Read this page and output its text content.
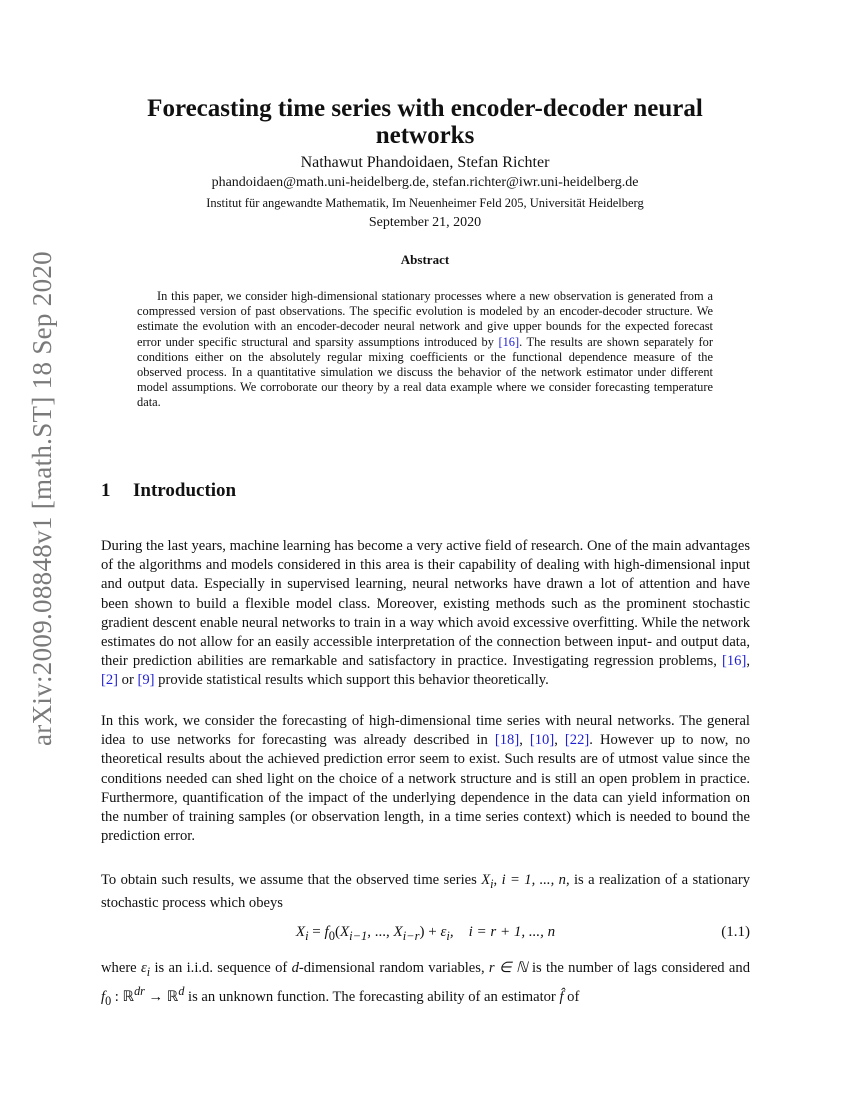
arXiv:2009.08848v1 [math.ST] 18 Sep 2020
Forecasting time series with encoder-decoder neural
networks
Nathawut Phandoidaen, Stefan Richter
phandoidaen@math.uni-heidelberg.de, stefan.richter@iwr.uni-heidelberg.de
Institut für angewandte Mathematik, Im Neuenheimer Feld 205, Universität Heidelberg
September 21, 2020
Abstract

In this paper, we consider high-dimensional stationary processes where a new observation is generated from a compressed version of past observations. The specific evolution is modeled by an encoder-decoder structure. We estimate the evolution with an encoder-decoder neural network and give upper bounds for the expected forecast error under specific structural and sparsity assumptions introduced by [16]. The results are shown separately for conditions either on the absolutely regular mixing coefficients or the functional dependence measure of the observed process. In a quantitative simulation we discuss the behavior of the network estimator under different model assumptions. We corroborate our theory by a real data example where we consider forecasting temperature data.

1 Introduction

During the last years, machine learning has become a very active field of research. One of the main advantages of the algorithms and models considered in this area is their capability of dealing with high-dimensional input and output data. Especially in supervised learning, neural networks have drawn a lot of attention and have been shown to build a flexible model class. Moreover, existing methods such as the prominent stochastic gradient descent enable neural networks to train in a way which avoid excessive overfitting. While the network estimates do not allow for an easily accessible interpretation of the connection between input- and output data, their prediction abilities are remarkable and satisfactory in practice. Investigating regression problems, [16], [2] or [9] provide statistical results which support this behavior theoretically.

In this work, we consider the forecasting of high-dimensional time series with neural networks. The general idea to use networks for forecasting was already described in [18], [10], [22]. However up to now, no theoretical results about the achieved prediction error seem to exist. Such results are of utmost value since the conditions needed can shed light on the choice of a network structure and is still an open problem in practice. Furthermore, quantification of the impact of the underlying dependence in the data can yield information on the number of training samples (or observation length, in a time series context) which is needed to bound the prediction error.

To obtain such results, we assume that the observed time series $X_i$, i = 1, ..., n, is a realization of a stationary stochastic process which obeys

$X_i = f_0(X_{i-1}$, ..., $X_{i-r}) + \varepsilon_i$,    i = r + 1, ..., n	(1.1)

where $\varepsilon_i$ is an i.i.d. sequence of d-dimensional random variables, r ∈ ℕ is the number of lags considered and $f_0$ : ℝ$^{dr}$ → ℝ$^d$ is an unknown function. The forecasting ability of an estimator f̂ of
